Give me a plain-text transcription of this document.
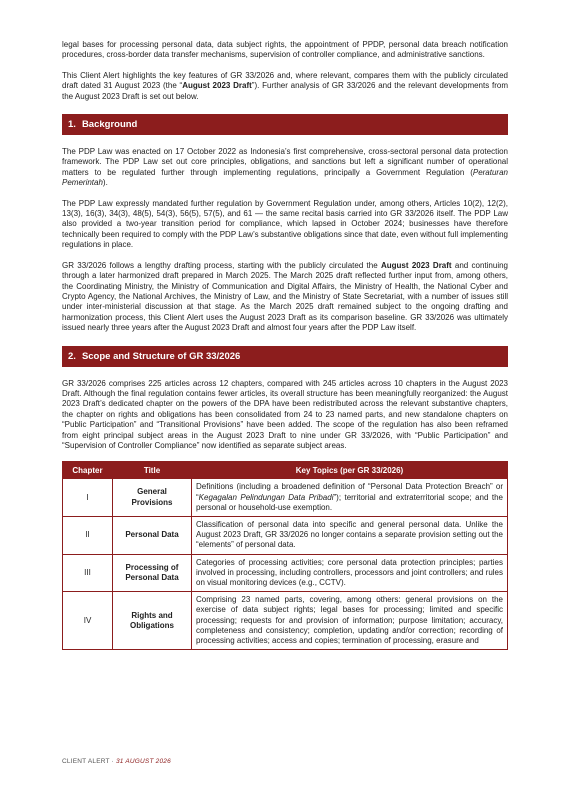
legal bases for processing personal data, data subject rights, the appointment of PPDP, personal data breach notification procedures, cross-border data transfer mechanisms, supervision of controller compliance, and administrative sanctions.

This Client Alert highlights the key features of GR 33/2026 and, where relevant, compares them with the publicly circulated draft dated 31 August 2023 (the “August 2023 Draft”). Further analysis of GR 33/2026 and the relevant developments from the August 2023 Draft is set out below.

1. Background

The PDP Law was enacted on 17 October 2022 as Indonesia’s first comprehensive, cross-sectoral personal data protection framework. The PDP Law set out core principles, obligations, and sanctions but left a significant number of operational matters to be regulated further through implementing regulations, principally a Government Regulation (Peraturan Pemerintah).

The PDP Law expressly mandated further regulation by Government Regulation under, among others, Articles 10(2), 12(2), 13(3), 16(3), 34(3), 48(5), 54(3), 56(5), 57(5), and 61 — the same recital basis carried into GR 33/2026 itself. The PDP Law also provided a two-year transition period for compliance, which lapsed in October 2024; businesses have therefore technically been required to comply with the PDP Law’s substantive obligations since that date, even without full implementing regulations in place.

GR 33/2026 follows a lengthy drafting process, starting with the publicly circulated the August 2023 Draft and continuing through a later harmonized draft prepared in March 2025. The March 2025 draft reflected further input from, among others, the Coordinating Ministry, the Ministry of Communication and Digital Affairs, the Ministry of Health, the National Cyber and Crypto Agency, the National Archives, the Ministry of Law, and the Ministry of State Secretariat, with a number of issues still under inter-ministerial discussion at that stage. As the March 2025 draft remained subject to the ongoing drafting and harmonization process, this Client Alert uses the August 2023 Draft as its comparison baseline. GR 33/2026 was ultimately issued nearly three years after the August 2023 Draft and almost four years after the PDP Law itself.

2. Scope and Structure of GR 33/2026

GR 33/2026 comprises 225 articles across 12 chapters, compared with 245 articles across 10 chapters in the August 2023 Draft. Although the final regulation contains fewer articles, its overall structure has been meaningfully reorganized: the August 2023 Draft’s dedicated chapter on the powers of the DPA have been redistributed across the relevant substantive chapters, the chapter on rights and obligations has been consolidated from 24 to 23 named parts, and new standalone chapters on “Public Participation” and “Transitional Provisions” have been added. The scope of the regulation has also been reframed from eight principal subject areas in the August 2023 Draft to nine under GR 33/2026, with “Public Participation” and “Supervision of Controller Compliance” now identified as separate subject areas.

Chapter	Title	Key Topics (per GR 33/2026)
I	General Provisions	Definitions (including a broadened definition of “Personal Data Protection Breach” or “Kegagalan Pelindungan Data Pribadi”); territorial and extraterritorial scope; and the personal or household-use exemption.
II	Personal Data	Classification of personal data into specific and general personal data. Unlike the August 2023 Draft, GR 33/2026 no longer contains a separate provision setting out the “elements” of personal data.
III	Processing of Personal Data	Categories of processing activities; core personal data protection principles; parties involved in processing, including controllers, processors and joint controllers; and rules on visual monitoring devices (e.g., CCTV).
IV	Rights and Obligations	Comprising 23 named parts, covering, among others: general provisions on the exercise of data subject rights; legal bases for processing; limited and specific processing; requests for and provision of information; purpose limitation; accuracy, completeness and consistency; completion, updating and/or correction; recording of processing activities; access and copies; termination of processing, erasure and
CLIENT ALERT · 31 AUGUST 2026
